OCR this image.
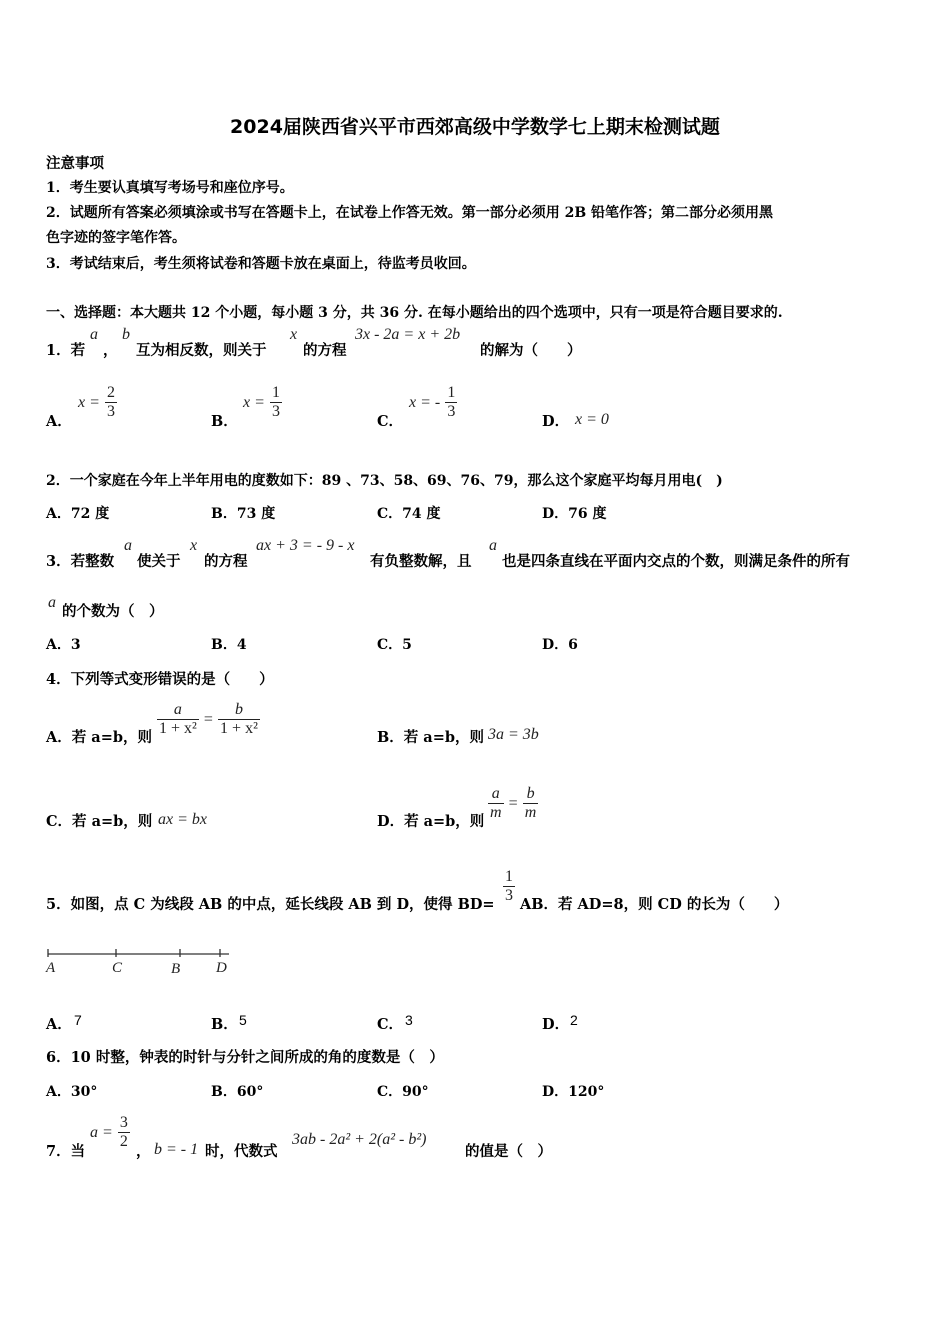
2024届陕西省兴平市西郊高级中学数学七上期末检测试题
注意事项
1．考生要认真填写考场号和座位序号。
2．试题所有答案必须填涂或书写在答题卡上，在试卷上作答无效。第一部分必须用 2B 铅笔作答；第二部分必须用黑
色字迹的签字笔作答。
3．考试结束后，考生须将试卷和答题卡放在桌面上，待监考员收回。
一、选择题：本大题共 12 个小题，每小题 3 分，共 36 分. 在每小题给出的四个选项中，只有一项是符合题目要求的.
1．若
a
，
b
互为相反数，则关于
x
的方程
3x - 2a = x + 2b
的解为（　　）
A．
$x = \frac{2}{3}$
B．
$x = \frac{1}{3}$
C．
x = - $\frac{1}{3}$
D． x = 0
2．一个家庭在今年上半年用电的度数如下：89 、73、58、69、76、79，那么这个家庭平均每月用电(　)
A．72 度	B．73 度	C．74 度	D．76 度
3．若整数
a
使关于
x
的方程
ax + 3 = - 9 - x
有负整数解，且
a
也是四条直线在平面内交点的个数，则满足条件的所有
a
的个数为（　）
A．3	B．4	C．5	D．6
4．下列等式变形错误的是（　　）
A．若 a=b，则 $\frac{a}{\text{1 + x²}} = \frac{b}{\text{1 + x²}}$	B．若 a=b，则 3a = 3b
C．若 a=b，则 ax = bx	D．若 a=b，则 $\frac{a}{m} = \frac{b}{m}$
5．如图，点 C 为线段 AB 的中点，延长线段 AB 到 D，使得 $BD= \frac{1}{3}$ AB．若 AD=8，则 CD 的长为（　　）
A	C	B D
A． 7	B． 5	C． 3	D． 2
6．10 时整，钟表的时针与分针之间所成的角的度数是（　）
A．30°	B．60°	C．90°	D．120°
7．当
$a = \frac{3}{2}$
， b = - 1 时，代数式
3ab - 2a² + 2(a² - b²)
的值是（　）
